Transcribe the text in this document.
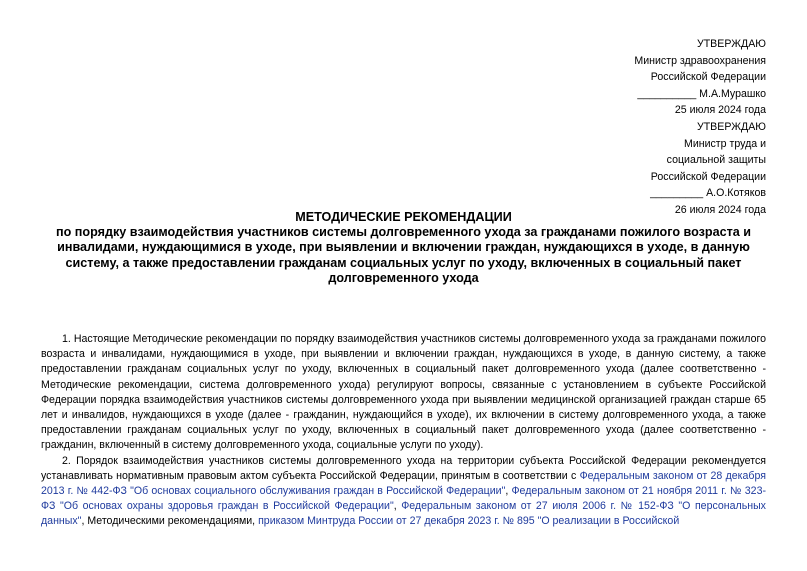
УТВЕРЖДАЮ
Министр здравоохранения
Российской Федерации
__________ М.А.Мурашко
25 июля 2024 года
УТВЕРЖДАЮ
Министр труда и
социальной защиты
Российской Федерации
_________ А.О.Котяков
26 июля 2024 года
МЕТОДИЧЕСКИЕ РЕКОМЕНДАЦИИ
по порядку взаимодействия участников системы долговременного ухода за гражданами пожилого возраста и инвалидами, нуждающимися в уходе, при выявлении и включении граждан, нуждающихся в уходе, в данную систему, а также предоставлении гражданам социальных услуг по уходу, включенных в социальный пакет долговременного ухода

1. Настоящие Методические рекомендации по порядку взаимодействия участников системы долговременного ухода за гражданами пожилого возраста и инвалидами, нуждающимися в уходе, при выявлении и включении граждан, нуждающихся в уходе, в данную систему, а также предоставлении гражданам социальных услуг по уходу, включенных в социальный пакет долговременного ухода (далее соответственно - Методические рекомендации, система долговременного ухода) регулируют вопросы, связанные с установлением в субъекте Российской Федерации порядка взаимодействия участников системы долговременного ухода при выявлении медицинской организацией граждан старше 65 лет и инвалидов, нуждающихся в уходе (далее - гражданин, нуждающийся в уходе), их включении в систему долговременного ухода, а также предоставлении гражданам социальных услуг по уходу, включенных в социальный пакет долговременного ухода (далее соответственно - гражданин, включенный в систему долговременного ухода, социальные услуги по уходу).

2. Порядок взаимодействия участников системы долговременного ухода на территории субъекта Российской Федерации рекомендуется устанавливать нормативным правовым актом субъекта Российской Федерации, принятым в соответствии с Федеральным законом от 28 декабря 2013 г. № 442-ФЗ "Об основах социального обслуживания граждан в Российской Федерации", Федеральным законом от 21 ноября 2011 г. № 323-ФЗ "Об основах охраны здоровья граждан в Российской Федерации", Федеральным законом от 27 июля 2006 г. № 152-ФЗ "О персональных данных", Методическими рекомендациями, приказом Минтруда России от 27 декабря 2023 г. № 895 "О реализации в Российской
